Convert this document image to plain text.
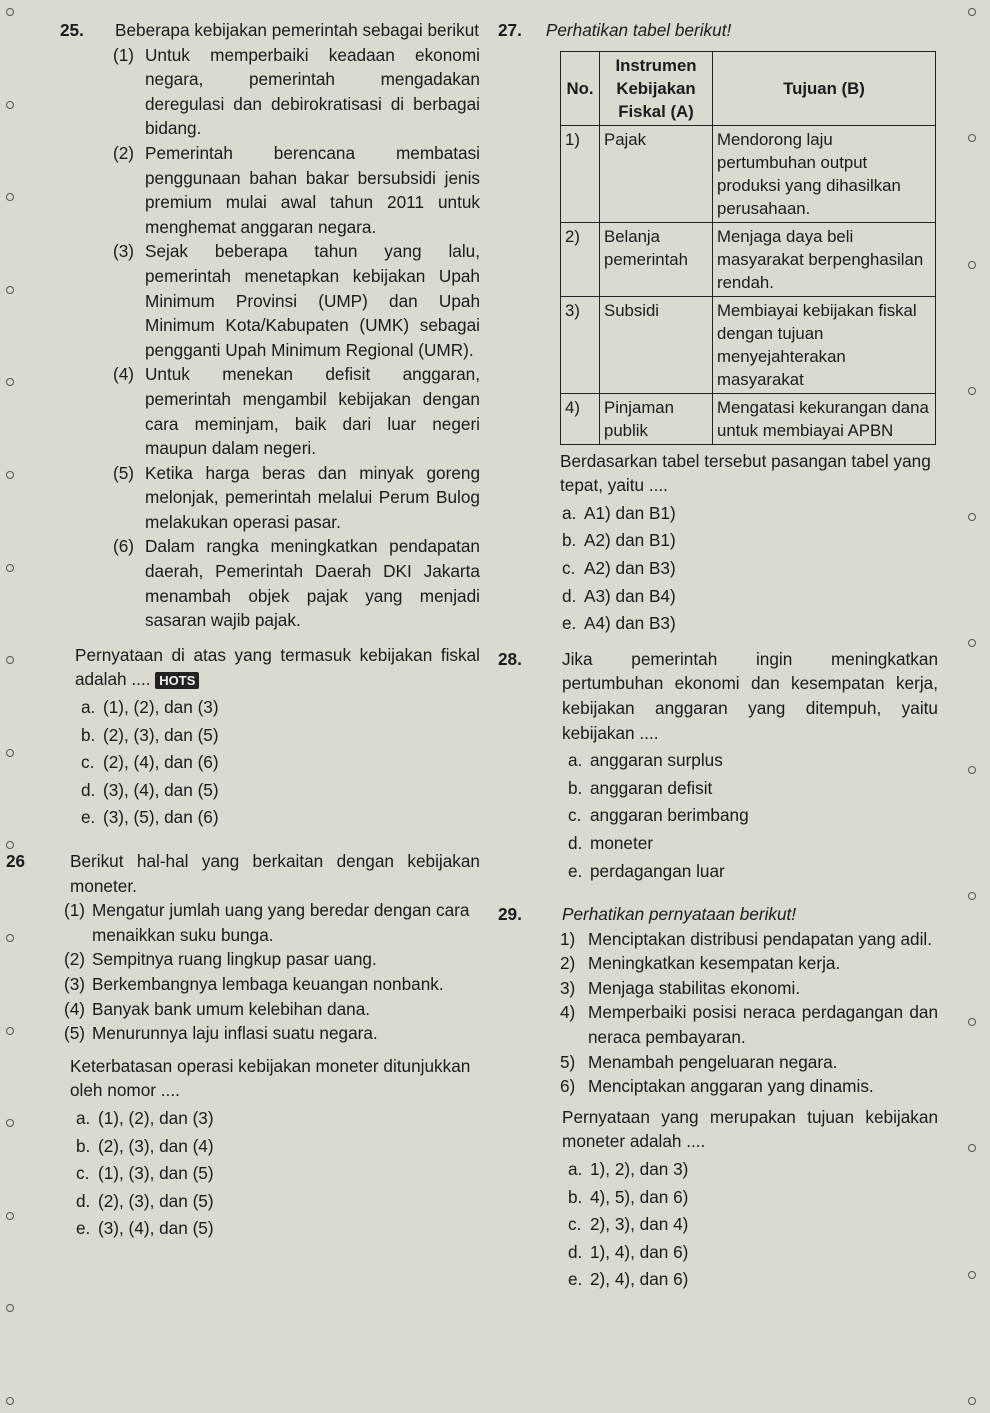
25. Beberapa kebijakan pemerintah sebagai berikut
(1) Untuk memperbaiki keadaan ekonomi negara, pemerintah mengadakan deregulasi dan debirokratisasi di berbagai bidang.
(2) Pemerintah berencana membatasi penggunaan bahan bakar bersubsidi jenis premium mulai awal tahun 2011 untuk menghemat anggaran negara.
(3) Sejak beberapa tahun yang lalu, pemerintah menetapkan kebijakan Upah Minimum Provinsi (UMP) dan Upah Minimum Kota/Kabupaten (UMK) sebagai pengganti Upah Minimum Regional (UMR).
(4) Untuk menekan defisit anggaran, pemerintah mengambil kebijakan dengan cara meminjam, baik dari luar negeri maupun dalam negeri.
(5) Ketika harga beras dan minyak goreng melonjak, pemerintah melalui Perum Bulog melakukan operasi pasar.
(6) Dalam rangka meningkatkan pendapatan daerah, Pemerintah Daerah DKI Jakarta menambah objek pajak yang menjadi sasaran wajib pajak.
Pernyataan di atas yang termasuk kebijakan fiskal adalah .... HOTS
a. (1), (2), dan (3)
b. (2), (3), dan (5)
c. (2), (4), dan (6)
d. (3), (4), dan (5)
e. (3), (5), dan (6)
26	Berikut hal-hal yang berkaitan dengan kebijakan moneter.
(1) Mengatur jumlah uang yang beredar dengan cara menaikkan suku bunga.
(2) Sempitnya ruang lingkup pasar uang.
(3) Berkembangnya lembaga keuangan nonbank.
(4) Banyak bank umum kelebihan dana.
(5) Menurunnya laju inflasi suatu negara.
Keterbatasan operasi kebijakan moneter ditunjukkan oleh nomor ....
a. (1), (2), dan (3)
b. (2), (3), dan (4)
c. (1), (3), dan (5)
d. (2), (3), dan (5)
e. (3), (4), dan (5)
27. Perhatikan tabel berikut!
No.	Instrumen Kebijakan Fiskal (A)	Tujuan (B)
1)	Pajak	Mendorong laju pertumbuhan output produksi yang dihasilkan perusahaan.
2)	Belanja pemerintah	Menjaga daya beli masyarakat berpenghasilan rendah.
3)	Subsidi	Membiayai kebijakan fiskal dengan tujuan menyejahterakan masyarakat
4)	Pinjaman publik	Mengatasi kekurangan dana untuk membiayai APBN
Berdasarkan tabel tersebut pasangan tabel yang tepat, yaitu ....
a. A1) dan B1)
b. A2) dan B1)
c. A2) dan B3)
d. A3) dan B4)
e. A4) dan B3)
28. Jika pemerintah ingin meningkatkan pertumbuhan ekonomi dan kesempatan kerja, kebijakan anggaran yang ditempuh, yaitu kebijakan ....
a. anggaran surplus
b. anggaran defisit
c. anggaran berimbang
d. moneter
e. perdagangan luar
29. Perhatikan pernyataan berikut!
1) Menciptakan distribusi pendapatan yang adil.
2) Meningkatkan kesempatan kerja.
3) Menjaga stabilitas ekonomi.
4) Memperbaiki posisi neraca perdagangan dan neraca pembayaran.
5) Menambah pengeluaran negara.
6) Menciptakan anggaran yang dinamis.
Pernyataan yang merupakan tujuan kebijakan moneter adalah ....
a. 1), 2), dan 3)
b. 4), 5), dan 6)
c. 2), 3), dan 4)
d. 1), 4), dan 6)
e. 2), 4), dan 6)
